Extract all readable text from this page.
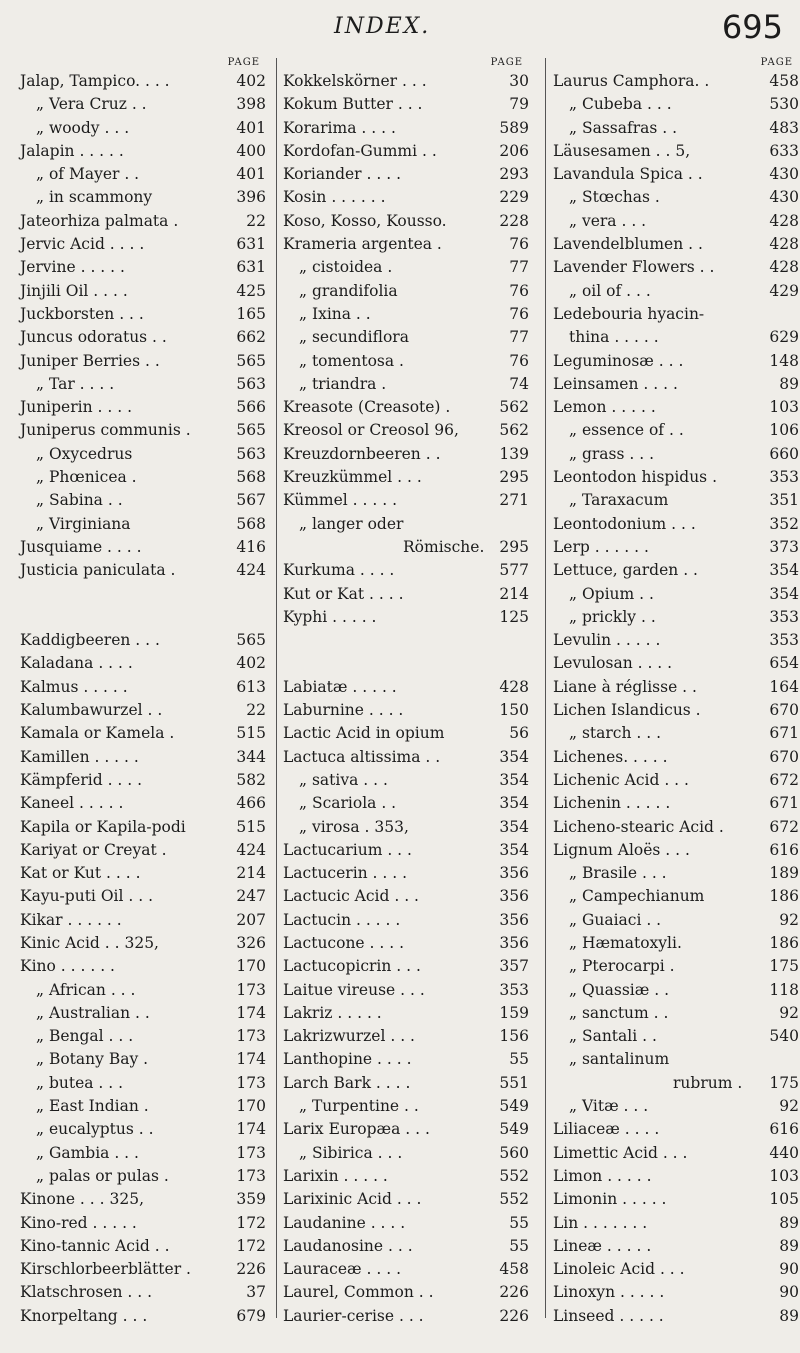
INDEX.	695
PAGE
Jalap, Tampico. . . .	402
„ Vera Cruz . .	398
„ woody . . .	401
Jalapin . . . . .	400
„ of Mayer . .	401
„ in scammony	396
Jateorhiza palmata .	22
Jervic Acid . . . .	631
Jervine . . . . .	631
Jinjili Oil . . . .	425
Juckborsten . . .	165
Juncus odoratus . .	662
Juniper Berries . .	565
„ Tar . . . .	563
Juniperin . . . .	566
Juniperus communis .	565
„ Oxycedrus	563
„ Phœnicea .	568
„ Sabina . .	567
„ Virginiana	568
Jusquiame . . . .	416
Justicia paniculata .	424
Kaddigbeeren . . .	565
Kaladana . . . .	402
Kalmus . . . . .	613
Kalumbawurzel . .	22
Kamala or Kamela .	515
Kamillen . . . . .	344
Kämpferid . . . .	582
Kaneel . . . . .	466
Kapila or Kapila-podi	515
Kariyat or Creyat .	424
Kat or Kut . . . .	214
Kayu-puti Oil . . .	247
Kikar . . . . . .	207
Kinic Acid . . 325,	326
Kino . . . . . .	170
„ African . . .	173
„ Australian . .	174
„ Bengal . . .	173
„ Botany Bay .	174
„ butea . . .	173
„ East Indian .	170
„ eucalyptus . .	174
„ Gambia . . .	173
„ palas or pulas .	173
Kinone . . . 325,	359
Kino-red . . . . .	172
Kino-tannic Acid . .	172
Kirschlorbeerblätter .	226
Klatschrosen . . .	37
Knorpeltang . . .	679
PAGE
Kokkelskörner . . .	30
Kokum Butter . . .	79
Korarima . . . .	589
Kordofan-Gummi . .	206
Koriander . . . .	293
Kosin . . . . . .	229
Koso, Kosso, Kousso.	228
Krameria argentea .	76
„ cistoidea .	77
„ grandifolia	76
„ Ixina . .	76
„ secundiflora	77
„ tomentosa .	76
„ triandra .	74
Kreasote (Creasote) .	562
Kreosol or Creosol 96,	562
Kreuzdornbeeren . .	139
Kreuzkümmel . . .	295
Kümmel . . . . .	271
„ langer oder
Römische. 295
Kurkuma . . . .	577
Kut or Kat . . . .	214
Kyphi . . . . .	125
Labiatæ . . . . .	428
Laburnine . . . .	150
Lactic Acid in opium	56
Lactuca altissima . .	354
„ sativa . . .	354
„ Scariola . .	354
„ virosa . 353,	354
Lactucarium . . .	354
Lactucerin . . . .	356
Lactucic Acid . . .	356
Lactucin . . . . .	356
Lactucone . . . .	356
Lactucopicrin . . .	357
Laitue vireuse . . .	353
Lakriz . . . . .	159
Lakrizwurzel . . .	156
Lanthopine . . . .	55
Larch Bark . . . .	551
„ Turpentine . .	549
Larix Europæa . . .	549
„ Sibirica . . .	560
Larixin . . . . .	552
Larixinic Acid . . .	552
Laudanine . . . .	55
Laudanosine . . .	55
Lauraceæ . . . .	458
Laurel, Common . .	226
Laurier-cerise . . .	226
PAGE
Laurus Camphora. .	458
„ Cubeba . . .	530
„ Sassafras . .	483
Läusesamen . . 5,	633
Lavandula Spica . .	430
„ Stœchas .	430
„ vera . . .	428
Lavendelblumen . .	428
Lavender Flowers . .	428
„ oil of . . .	429
Ledebouria hyacin-
thina . . . . .	629
Leguminosæ . . .	148
Leinsamen . . . .	89
Lemon . . . . .	103
„ essence of . .	106
„ grass . . .	660
Leontodon hispidus .	353
„ Taraxacum	351
Leontodonium . . .	352
Lerp . . . . . .	373
Lettuce, garden . .	354
„ Opium . .	354
„ prickly . .	353
Levulin . . . . .	353
Levulosan . . . .	654
Liane à réglisse . .	164
Lichen Islandicus .	670
„ starch . . .	671
Lichenes. . . . .	670
Lichenic Acid . . .	672
Lichenin . . . . .	671
Licheno-stearic Acid .	672
Lignum Aloës . . .	616
„ Brasile . . .	189
„ Campechianum	186
„ Guaiaci . .	92
„ Hæmatoxyli.	186
„ Pterocarpi .	175
„ Quassiæ . .	118
„ sanctum . .	92
„ Santali . .	540
„ santalinum
rubrum . 175
„ Vitæ . . .	92
Liliaceæ . . . .	616
Limettic Acid . . .	440
Limon . . . . .	103
Limonin . . . . .	105
Lin . . . . . . .	89
Lineæ . . . . .	89
Linoleic Acid . . .	90
Linoxyn . . . . .	90
Linseed . . . . .	89
